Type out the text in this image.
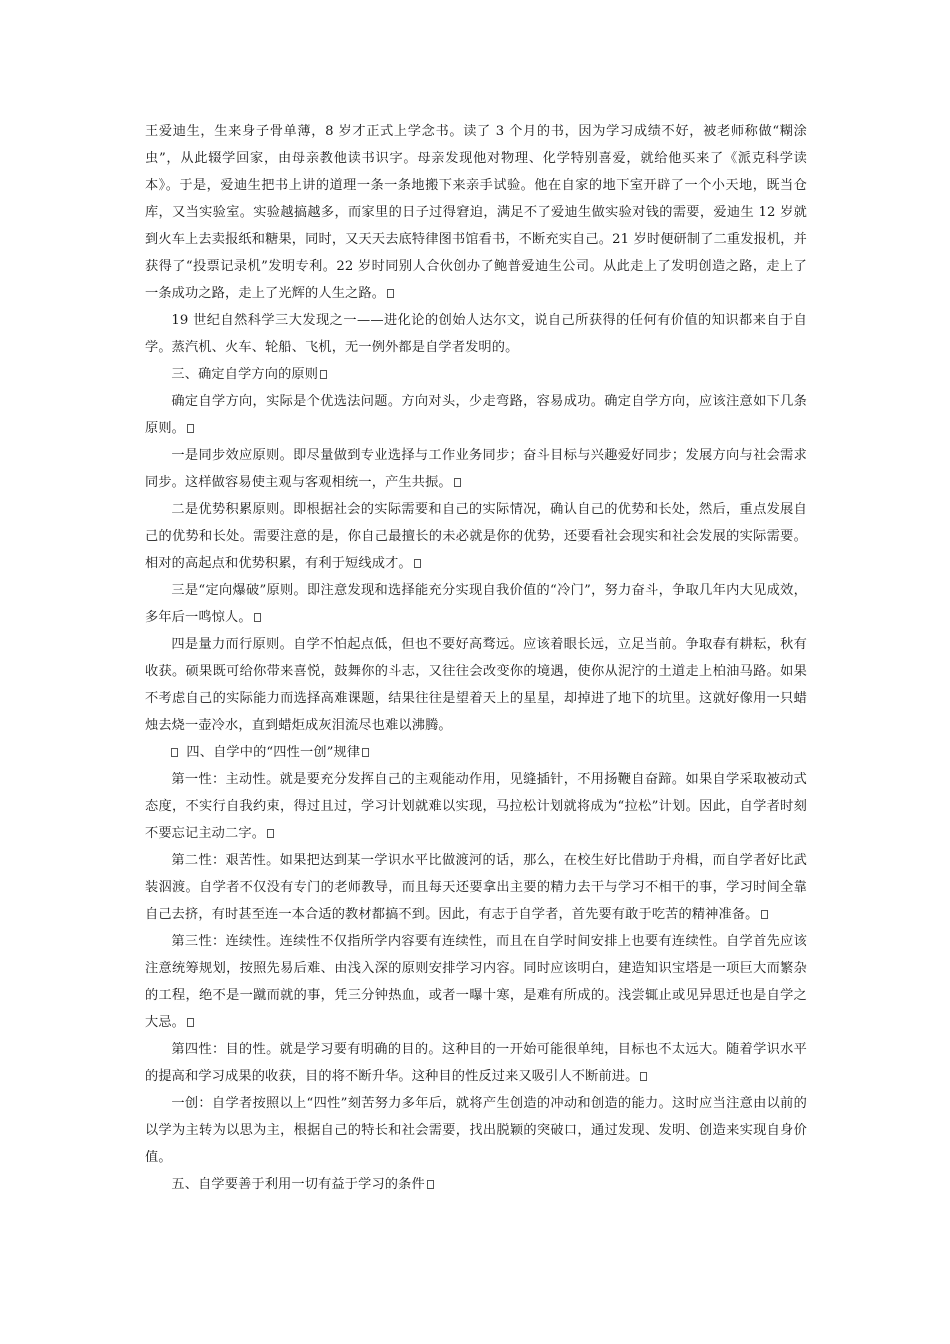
王爱迪生，生来身子骨单薄，8 岁才正式上学念书。读了 3 个月的书，因为学习成绩不好，被老师称做“糊涂虫”，从此辍学回家，由母亲教他读书识字。母亲发现他对物理、化学特别喜爱，就给他买来了《派克科学读本》。于是，爱迪生把书上讲的道理一条一条地搬下来亲手试验。他在自家的地下室开辟了一个小天地，既当仓库，又当实验室。实验越搞越多，而家里的日子过得窘迫，满足不了爱迪生做实验对钱的需要，爱迪生 12 岁就到火车上去卖报纸和糖果，同时，又天天去底特律图书馆看书，不断充实自己。21 岁时便研制了二重发报机，并获得了“投票记录机”发明专利。22 岁时同别人合伙创办了鲍普爱迪生公司。从此走上了发明创造之路，走上了一条成功之路，走上了光辉的人生之路。

19 世纪自然科学三大发现之一——进化论的创始人达尔文，说自己所获得的任何有价值的知识都来自于自学。蒸汽机、火车、轮船、飞机，无一例外都是自学者发明的。

三、确定自学方向的原则

确定自学方向，实际是个优选法问题。方向对头，少走弯路，容易成功。确定自学方向，应该注意如下几条原则。

一是同步效应原则。即尽量做到专业选择与工作业务同步；奋斗目标与兴趣爱好同步；发展方向与社会需求同步。这样做容易使主观与客观相统一，产生共振。

二是优势积累原则。即根据社会的实际需要和自己的实际情况，确认自己的优势和长处，然后，重点发展自己的优势和长处。需要注意的是，你自己最擅长的未必就是你的优势，还要看社会现实和社会发展的实际需要。相对的高起点和优势积累，有利于短线成才。

三是“定向爆破”原则。即注意发现和选择能充分实现自我价值的“冷门”，努力奋斗，争取几年内大见成效，多年后一鸣惊人。

四是量力而行原则。自学不怕起点低，但也不要好高骛远。应该着眼长远，立足当前。争取春有耕耘，秋有收获。硕果既可给你带来喜悦，鼓舞你的斗志，又往往会改变你的境遇，使你从泥泞的土道走上柏油马路。如果不考虑自己的实际能力而选择高难课题，结果往往是望着天上的星星，却掉进了地下的坑里。这就好像用一只蜡烛去烧一壶冷水，直到蜡炬成灰泪流尽也难以沸腾。

四、自学中的“四性一创”规律

第一性：主动性。就是要充分发挥自己的主观能动作用，见缝插针，不用扬鞭自奋蹄。如果自学采取被动式态度，不实行自我约束，得过且过，学习计划就难以实现，马拉松计划就将成为“拉松”计划。因此，自学者时刻不要忘记主动二字。

第二性：艰苦性。如果把达到某一学识水平比做渡河的话，那么，在校生好比借助于舟楫，而自学者好比武装泅渡。自学者不仅没有专门的老师教导，而且每天还要拿出主要的精力去干与学习不相干的事，学习时间全靠自己去挤，有时甚至连一本合适的教材都搞不到。因此，有志于自学者，首先要有敢于吃苦的精神准备。

第三性：连续性。连续性不仅指所学内容要有连续性，而且在自学时间安排上也要有连续性。自学首先应该注意统筹规划，按照先易后难、由浅入深的原则安排学习内容。同时应该明白，建造知识宝塔是一项巨大而繁杂的工程，绝不是一蹴而就的事，凭三分钟热血，或者一曝十寒，是难有所成的。浅尝辄止或见异思迁也是自学之大忌。

第四性：目的性。就是学习要有明确的目的。这种目的一开始可能很单纯，目标也不太远大。随着学识水平的提高和学习成果的收获，目的将不断升华。这种目的性反过来又吸引人不断前进。

一创：自学者按照以上“四性”刻苦努力多年后，就将产生创造的冲动和创造的能力。这时应当注意由以前的以学为主转为以思为主，根据自己的特长和社会需要，找出脱颖的突破口，通过发现、发明、创造来实现自身价值。

五、自学要善于利用一切有益于学习的条件
